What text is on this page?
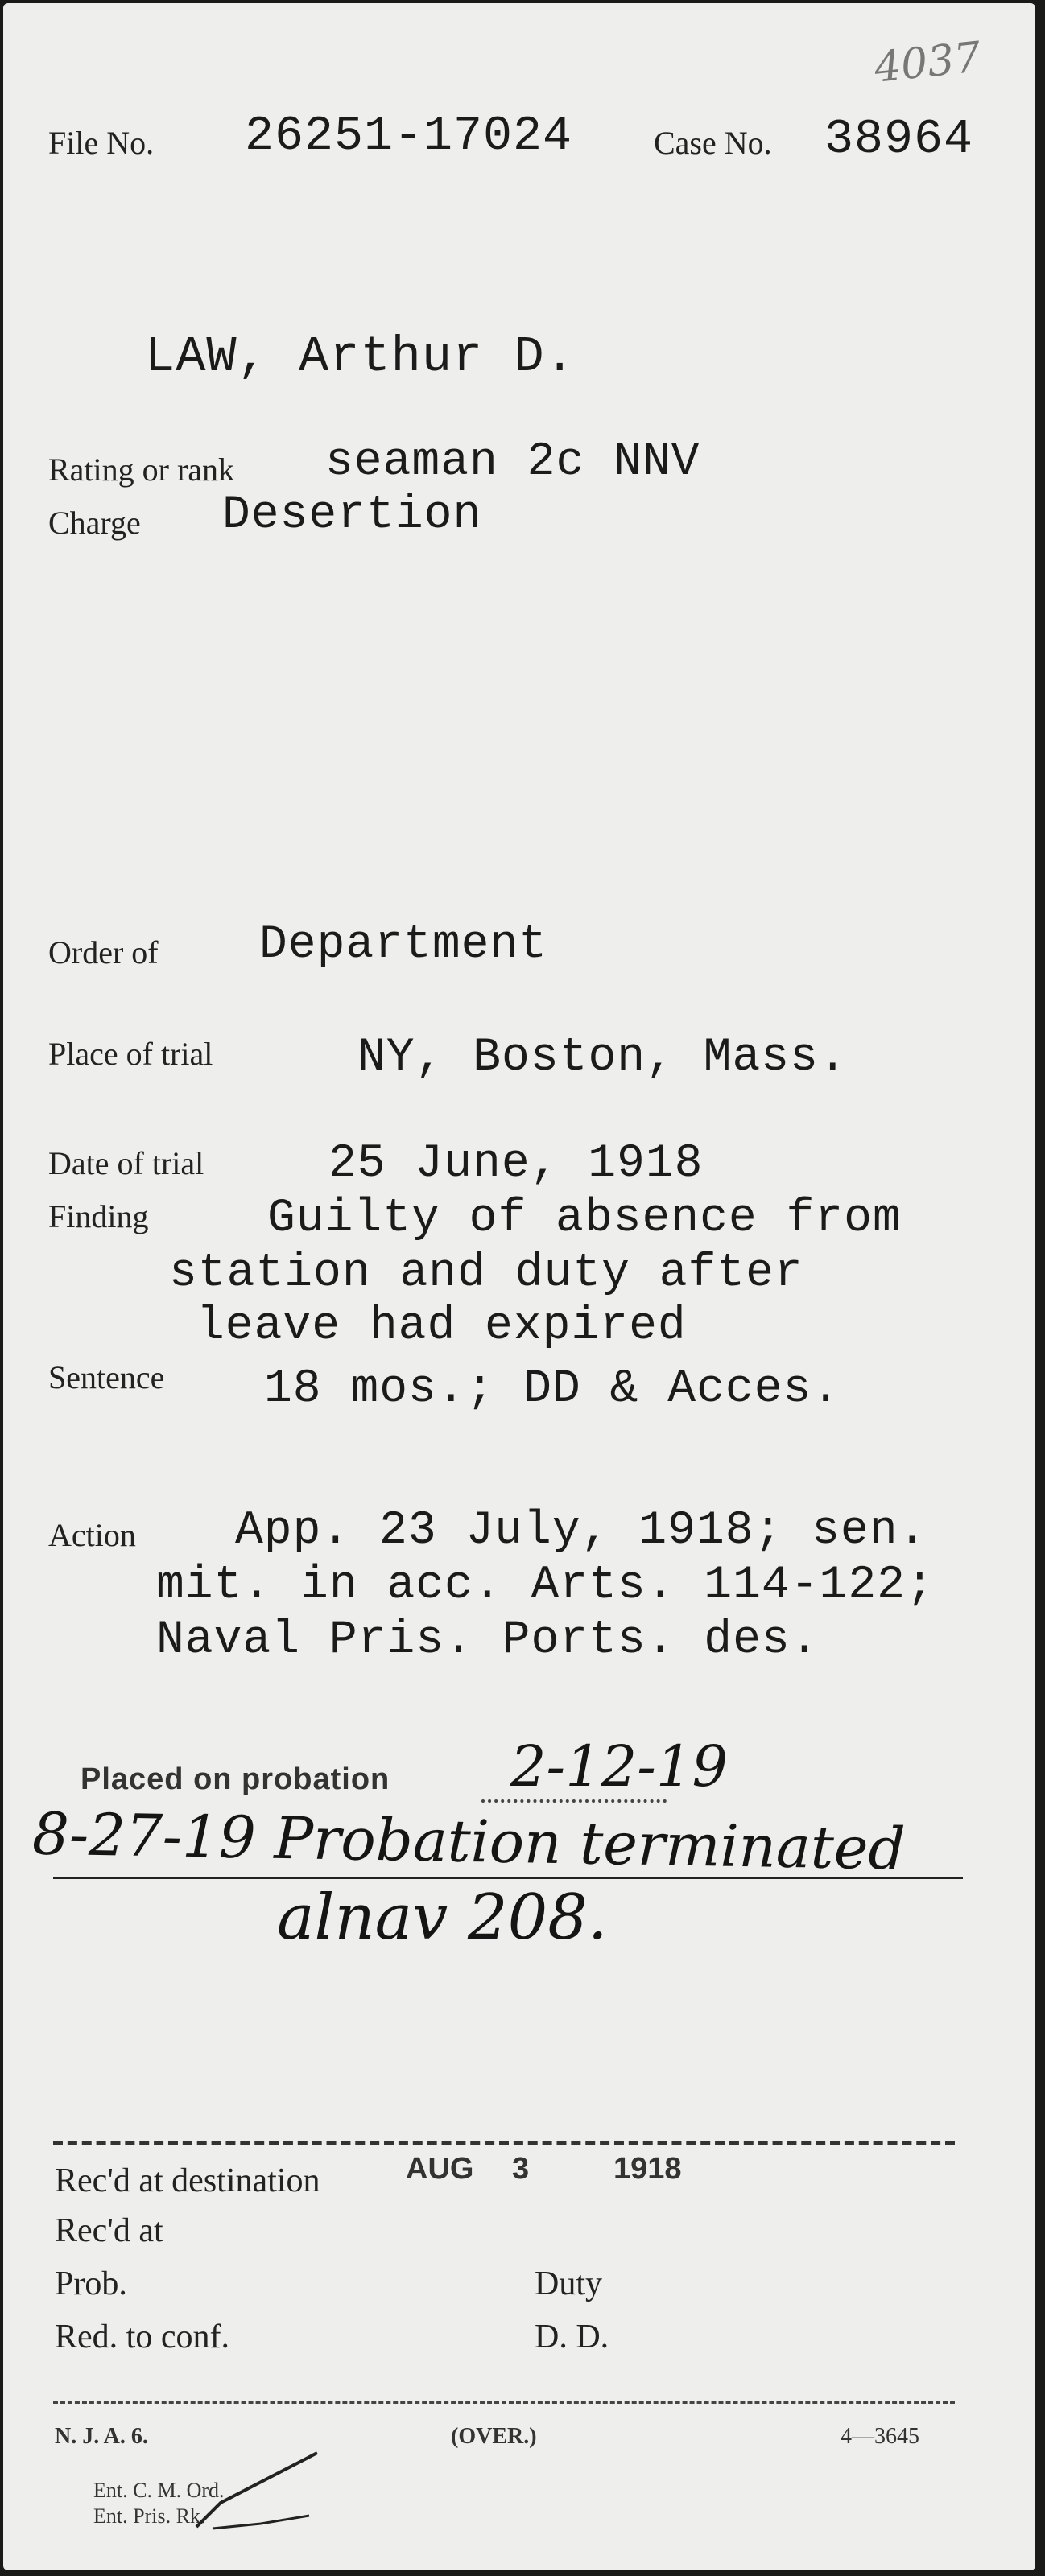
File No. 26251-17024	Case No. 38964
4037
LAW, Arthur D.
Rating or rank seaman 2c NNV
Charge Desertion
Order of Department
Place of trial	NY, Boston, Mass.
Date of trial	25 June, 1918
Finding	Guilty of absence from
station and duty after
leave had expired
Sentence 18 mos.; DD & Acces.
Action App. 23 July, 1918; sen.
mit. in acc. Arts. 114-122;
Naval Pris. Ports. des.
Placed on probation 2-12-19
8-27-19 Probation terminated
alnav 208.
Rec'd at destination	AUG 3	1918
Rec'd at
Prob.	Duty
Red. to conf.	D. D.
N. J. A. 6.	(OVER.)	4—3645
Ent. C. M. Ord.
Ent. Pris. Rk.
